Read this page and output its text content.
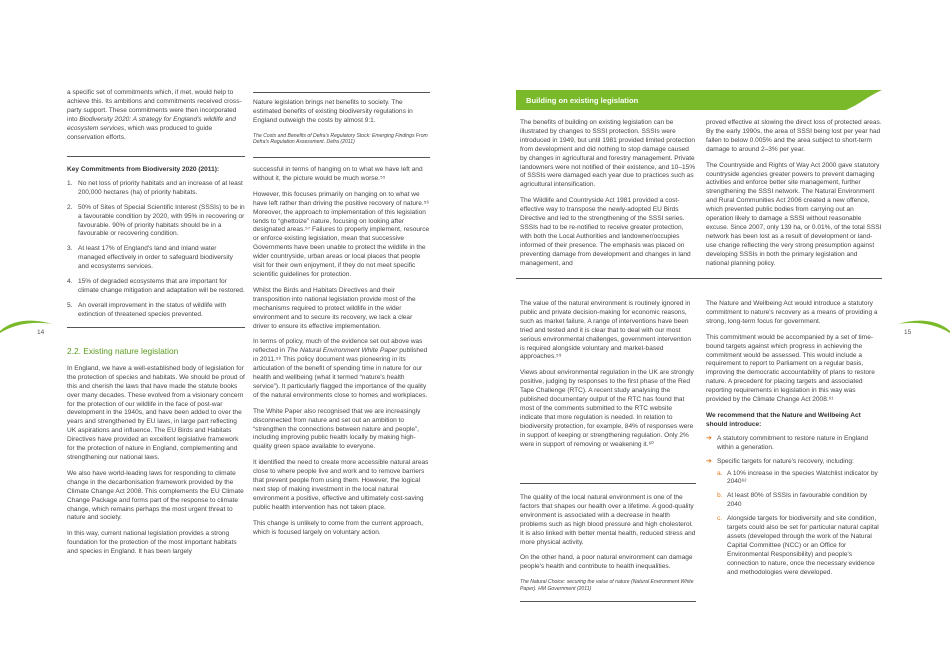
14	15

a specific set of commitments which, if met, would help to achieve this. Its ambitions and commitments received cross-party support. These commitments were then incorporated into Biodiversity 2020: A strategy for England's wildlife and ecosystem services, which was produced to guide conservation efforts.

Key Commitments from Biodiversity 2020 (2011):

1. No net loss of priority habitats and an increase of at least 200,000 hectares (ha) of priority habitats.
2. 50% of Sites of Special Scientific Interest (SSSIs) to be in a favourable condition by 2020, with 95% in recovering or favourable. 90% of priority habitats should be in a favourable or recovering condition.
3. At least 17% of England's land and inland water managed effectively in order to safeguard biodiversity and ecosystems services.
4. 15% of degraded ecosystems that are important for climate change mitigation and adaptation will be restored.
5. An overall improvement in the status of wildlife with extinction of threatened species prevented.

2.2. Existing nature legislation

In England, we have a well-established body of legislation for the protection of species and habitats. We should be proud of this and cherish the laws that have made the statute books over many decades. These evolved from a visionary concern for the protection of our wildlife in the face of post-war development in the 1940s, and have been added to over the years and strengthened by EU laws, in large part reflecting UK aspirations and influence. The EU Birds and Habitats Directives have provided an excellent legislative framework for the protection of nature in England, complementing and strengthening our national laws.

We also have world-leading laws for responding to climate change in the decarbonisation framework provided by the Climate Change Act 2008. This complements the EU Climate Change Package and forms part of the response to climate change, which remains perhaps the most urgent threat to nature and society.

In this way, current national legislation provides a strong foundation for the protection of the most important habitats and species in England. It has been largely

Nature legislation brings net benefits to society. The estimated benefits of existing biodiversity regulations in England outweigh the costs by almost 9:1.

The Costs and Benefits of Defra's Regulatory Stock: Emerging Findings From Defra's Regulation Assessment. Defra (2011)

successful in terms of hanging on to what we have left and without it, the picture would be much worse.⁵⁵

However, this focuses primarily on hanging on to what we have left rather than driving the positive recovery of nature.⁵⁶ Moreover, the approach to implementation of this legislation tends to “ghettoize” nature, focusing on looking after designated areas.⁵⁷ Failures to properly implement, resource or enforce existing legislation, mean that successive Governments have been unable to protect the wildlife in the wider countryside, urban areas or local places that people visit for their own enjoyment, if they do not meet specific scientific guidelines for protection.

Whilst the Birds and Habitats Directives and their transposition into national legislation provide most of the mechanisms required to protect wildlife in the wider environment and to secure its recovery, we lack a clear driver to ensure its effective implementation.

In terms of policy, much of the evidence set out above was reflected in The Natural Environment White Paper published in 2011.⁵⁸ This policy document was pioneering in its articulation of the benefit of spending time in nature for our health and wellbeing (what it termed “nature's health service”). It particularly flagged the importance of the quality of the natural environments close to homes and workplaces.

The White Paper also recognised that we are increasingly disconnected from nature and set out an ambition to “strengthen the connections between nature and people”, including improving public health locally by making high-quality green space available to everyone.

It identified the need to create more accessible natural areas close to where people live and work and to remove barriers that prevent people from using them. However, the logical next step of making investment in the local natural environment a positive, effective and ultimately cost-saving public health intervention has not taken place.

This change is unlikely to come from the current approach, which is focused largely on voluntary action.

Building on existing legislation

The benefits of building on existing legislation can be illustrated by changes to SSSI protection. SSSIs were introduced in 1949, but until 1981 provided limited protection from development and did nothing to stop damage caused by changes in agricultural and forestry management. Private landowners were not notified of their existence, and 10–15% of SSSIs were damaged each year due to practices such as agricultural intensification.

The Wildlife and Countryside Act 1981 provided a cost-effective way to transpose the newly-adopted EU Birds Directive and led to the strengthening of the SSSI series. SSSIs had to be re-notified to receive greater protection, with both the Local Authorities and landowner/occupies informed of their presence. The emphasis was placed on preventing damage from development and changes in land management, and

The value of the natural environment is routinely ignored in public and private decision-making for economic reasons, such as market failure. A range of interventions have been tried and tested and it is clear that to deal with our most serious environmental challenges, government intervention is required alongside voluntary and market-based approaches.⁵⁹

Views about environmental regulation in the UK are strongly positive, judging by responses to the first phase of the Red Tape Challenge (RTC). A recent study analysing the published documentary output of the RTC has found that most of the comments submitted to the RTC website indicate that more regulation is needed. In relation to biodiversity protection, for example, 84% of responses were in support of keeping or strengthening regulation. Only 2% were in support of removing or weakening it.⁶⁰

The quality of the local natural environment is one of the factors that shapes our health over a lifetime. A good-quality environment is associated with a decrease in health problems such as high blood pressure and high cholesterol. It is also linked with better mental health, reduced stress and more physical activity.

On the other hand, a poor natural environment can damage people's health and contribute to health inequalities.

The Natural Choice: securing the value of nature (Natural Environment White Paper). HM Government (2011)

proved effective at slowing the direct loss of protected areas. By the early 1990s, the area of SSSI being lost per year had fallen to below 0.005% and the area subject to short-term damage to around 2–3% per year.

The Countryside and Rights of Way Act 2000 gave statutory countryside agencies greater powers to prevent damaging activities and enforce better site management, further strengthening the SSSI network. The Natural Environment and Rural Communities Act 2006 created a new offence, which prevented public bodies from carrying out an operation likely to damage a SSSI without reasonable excuse. Since 2007, only 139 ha, or 0.01%, of the total SSSI network has been lost as a result of development or land-use change reflecting the very strong presumption against developing SSSIs in both the primary legislation and national planning policy.

The Nature and Wellbeing Act would introduce a statutory commitment to nature's recovery as a means of providing a strong, long-term focus for government.

This commitment would be accompanied by a set of time-bound targets against which progress in achieving the commitment would be assessed. This would include a requirement to report to Parliament on a regular basis, improving the democratic accountability of plans to restore nature. A precedent for placing targets and associated reporting requirements in legislation in this way was provided by the Climate Change Act 2008.⁶¹

We recommend that the Nature and Wellbeing Act should introduce:

➔ A statutory commitment to restore nature in England within a generation.
➔ Specific targets for nature's recovery, including:
a. A 10% increase in the species Watchlist indicator by 2040⁶²
b. At least 80% of SSSIs in favourable condition by 2040
c. Alongside targets for biodiversity and site condition, targets could also be set for particular natural capital assets (developed through the work of the Natural Capital Committee (NCC) or an Office for Environmental Responsibility) and people's connection to nature, once the necessary evidence and methodologies were developed.
